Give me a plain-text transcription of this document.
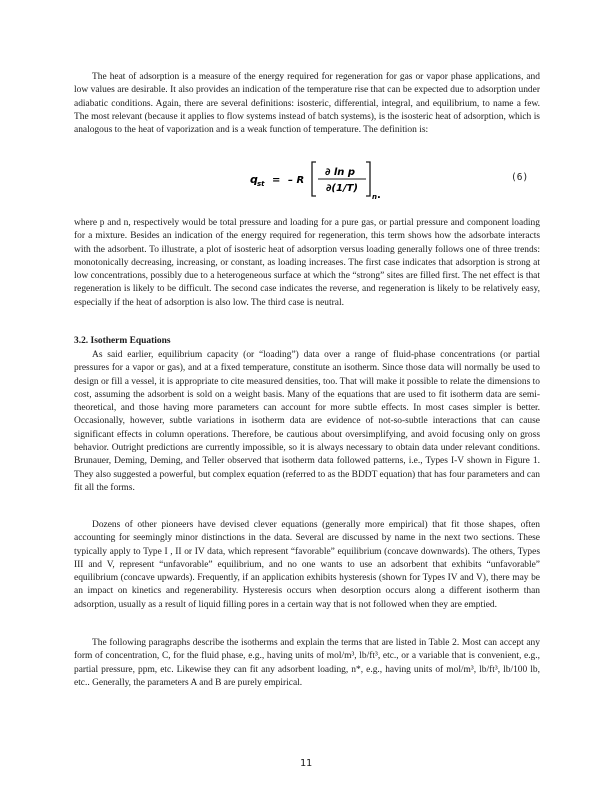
The heat of adsorption is a measure of the energy required for regeneration for gas or vapor phase applications, and low values are desirable. It also provides an indication of the temperature rise that can be expected due to adsorption under adiabatic conditions. Again, there are several definitions: isosteric, differential, integral, and equilibrium, to name a few. The most relevant (because it applies to flow systems instead of batch systems), is the isosteric heat of adsorption, which is analogous to the heat of vaporization and is a weak function of temperature. The definition is:

q st = – R
∂ ln p
∂(1/T)
n .
(6)

where p and n, respectively would be total pressure and loading for a pure gas, or partial pressure and component loading for a mixture. Besides an indication of the energy required for regeneration, this term shows how the adsorbate interacts with the adsorbent. To illustrate, a plot of isosteric heat of adsorption versus loading generally follows one of three trends: monotonically decreasing, increasing, or constant, as loading increases. The first case indicates that adsorption is strong at low concentrations, possibly due to a heterogeneous surface at which the “strong” sites are filled first. The net effect is that regeneration is likely to be difficult. The second case indicates the reverse, and regeneration is likely to be relatively easy, especially if the heat of adsorption is also low. The third case is neutral.

3.2. Isotherm Equations

As said earlier, equilibrium capacity (or “loading”) data over a range of fluid-phase concentrations (or partial pressures for a vapor or gas), and at a fixed temperature, constitute an isotherm. Since those data will normally be used to design or fill a vessel, it is appropriate to cite measured densities, too. That will make it possible to relate the dimensions to cost, assuming the adsorbent is sold on a weight basis. Many of the equations that are used to fit isotherm data are semi-theoretical, and those having more parameters can account for more subtle effects. In most cases simpler is better. Occasionally, however, subtle variations in isotherm data are evidence of not-so-subtle interactions that can cause significant effects in column operations. Therefore, be cautious about oversimplifying, and avoid focusing only on gross behavior. Outright predictions are currently impossible, so it is always necessary to obtain data under relevant conditions. Brunauer, Deming, Deming, and Teller observed that isotherm data followed patterns, i.e., Types I-V shown in Figure 1. They also suggested a powerful, but complex equation (referred to as the BDDT equation) that has four parameters and can fit all the forms.

Dozens of other pioneers have devised clever equations (generally more empirical) that fit those shapes, often accounting for seemingly minor distinctions in the data. Several are discussed by name in the next two sections. These typically apply to Type I , II or IV data, which represent “favorable” equilibrium (concave downwards). The others, Types III and V, represent “unfavorable” equilibrium, and no one wants to use an adsorbent that exhibits “unfavorable” equilibrium (concave upwards). Frequently, if an application exhibits hysteresis (shown for Types IV and V), there may be an impact on kinetics and regenerability. Hysteresis occurs when desorption occurs along a different isotherm than adsorption, usually as a result of liquid filling pores in a certain way that is not followed when they are emptied.

The following paragraphs describe the isotherms and explain the terms that are listed in Table 2. Most can accept any form of concentration, C, for the fluid phase, e.g., having units of mol/m³, lb/ft³, etc., or a variable that is convenient, e.g., partial pressure, ppm, etc. Likewise they can fit any adsorbent loading, n*, e.g., having units of mol/m³, lb/ft³, lb/100 lb, etc.. Generally, the parameters A and B are purely empirical.

11
